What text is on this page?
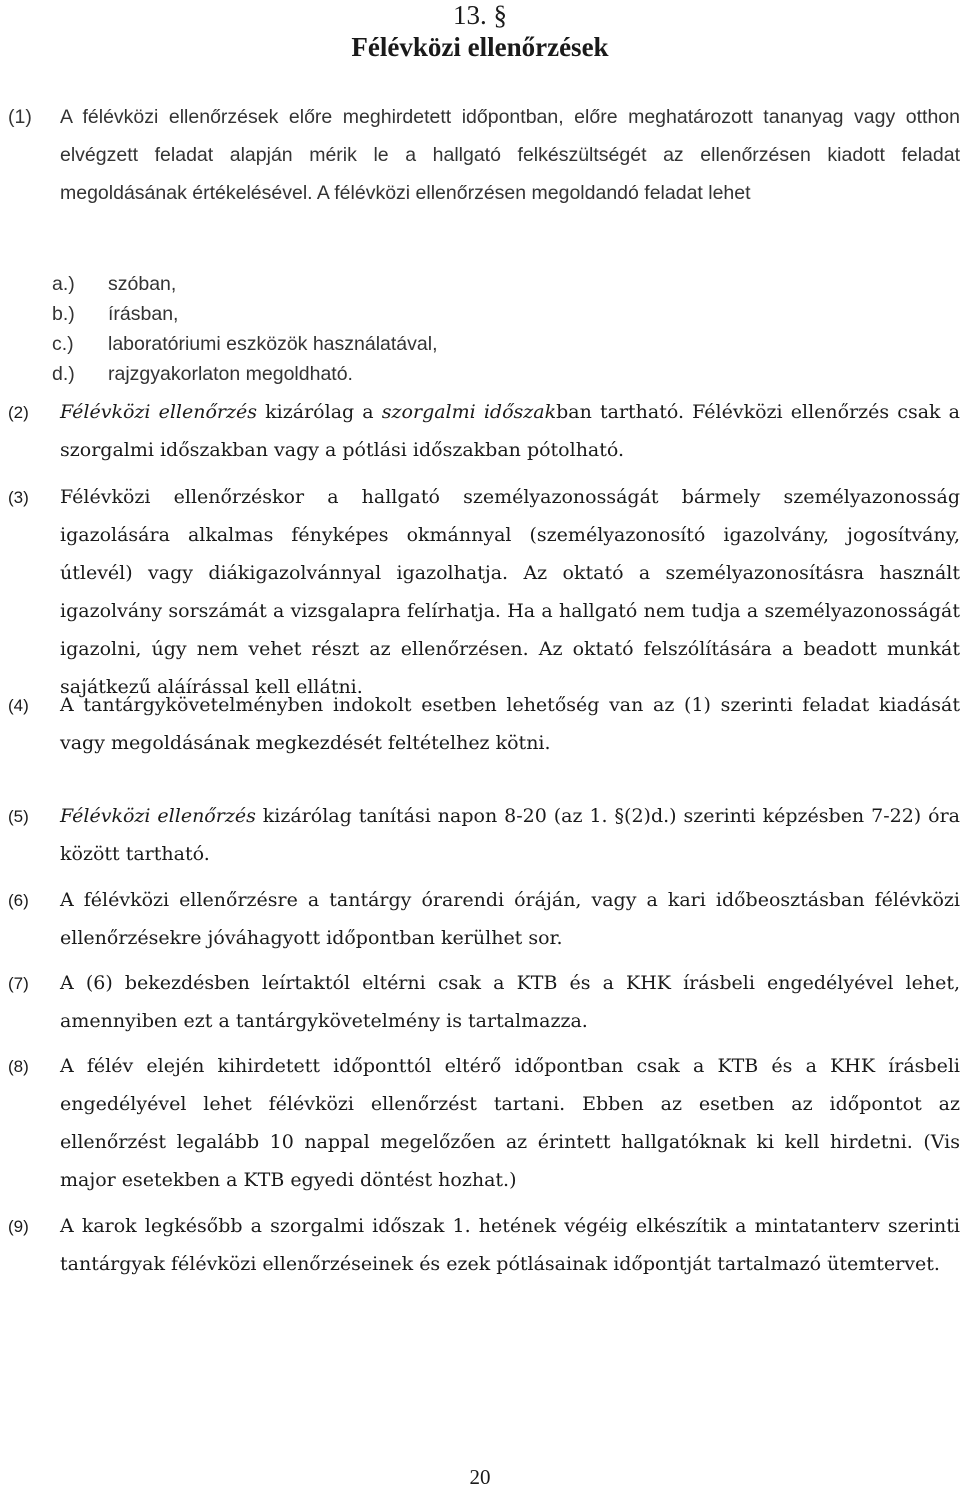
13. §
Félévközi ellenőrzések
(1)	A félévközi ellenőrzések előre meghirdetett időpontban, előre meghatározott tananyag vagy otthon elvégzett feladat alapján mérik le a hallgató felkészültségét az ellenőrzésen kiadott feladat megoldásának értékelésével. A félévközi ellenőrzésen megoldandó feladat lehet
a.) szóban,
b.) írásban,
c.) laboratóriumi eszközök használatával,
d.) rajzgyakorlaton megoldható.
(2)	Félévközi ellenőrzés kizárólag a szorgalmi időszakban tartható. Félévközi ellenőrzés csak a szorgalmi időszakban vagy a pótlási időszakban pótolható.
(3)	Félévközi ellenőrzéskor a hallgató személyazonosságát bármely személyazonosság igazolására alkalmas fényképes okmánnyal (személyazonosító igazolvány, jogosítvány, útlevél) vagy diákigazolvánnyal igazolhatja. Az oktató a személyazonosításra használt igazolvány sorszámát a vizsgalapra felírhatja. Ha a hallgató nem tudja a személyazonosságát igazolni, úgy nem vehet részt az ellenőrzésen. Az oktató felszólítására a beadott munkát sajátkezű aláírással kell ellátni.
(4)	A tantárgykövetelményben indokolt esetben lehetőség van az (1) szerinti feladat kiadását vagy megoldásának megkezdését feltételhez kötni.
(5)	Félévközi ellenőrzés kizárólag tanítási napon 8-20 (az 1. §(2)d.) szerinti képzésben 7-22) óra között tartható.
(6)	A félévközi ellenőrzésre a tantárgy órarendi óráján, vagy a kari időbeosztásban félévközi ellenőrzésekre jóváhagyott időpontban kerülhet sor.
(7)	A (6) bekezdésben leírtaktól eltérni csak a KTB és a KHK írásbeli engedélyével lehet, amennyiben ezt a tantárgykövetelmény is tartalmazza.
(8)	A félév elején kihirdetett időponttól eltérő időpontban csak a KTB és a KHK írásbeli engedélyével lehet félévközi ellenőrzést tartani. Ebben az esetben az időpontot az ellenőrzést legalább 10 nappal megelőzően az érintett hallgatóknak ki kell hirdetni. (Vis major esetekben a KTB egyedi döntést hozhat.)
(9)	A karok legkésőbb a szorgalmi időszak 1. hetének végéig elkészítik a mintatanterv szerinti tantárgyak félévközi ellenőrzéseinek és ezek pótlásainak időpontját tartalmazó ütemtervet.
20
